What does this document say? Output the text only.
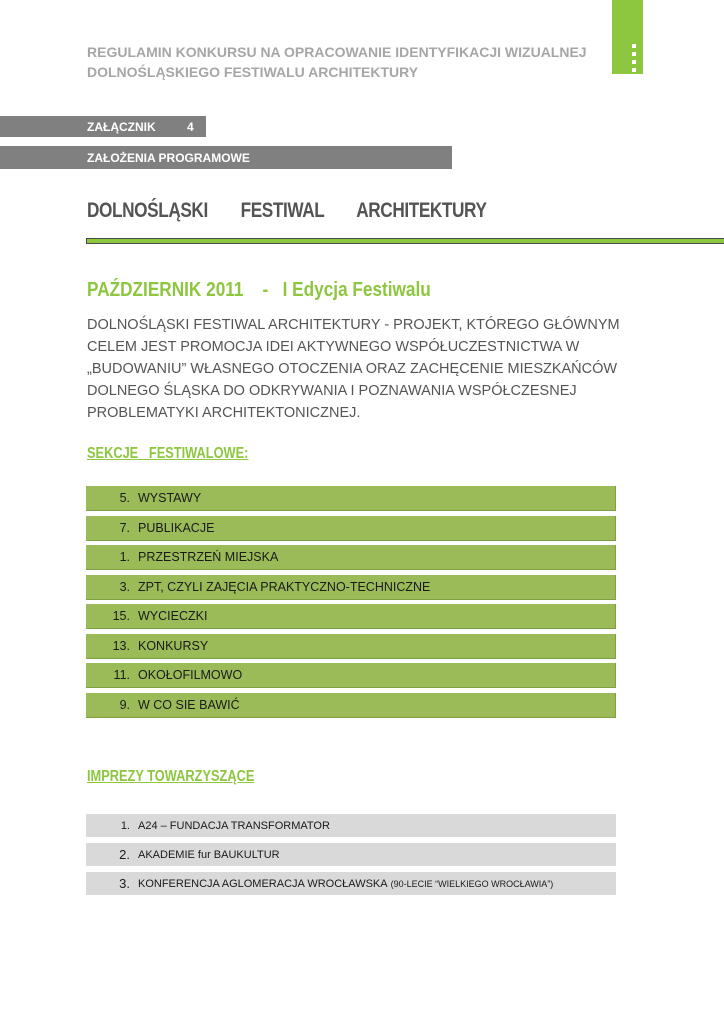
REGULAMIN KONKURSU NA OPRACOWANIE IDENTYFIKACJI WIZUALNEJ
DOLNOŚLĄSKIEGO FESTIWALU ARCHITEKTURY
ZAŁĄCZNIK	4
ZAŁOŻENIA PROGRAMOWE
DOLNOŚLĄSKI   FESTIWAL   ARCHITEKTURY
PAŹDZIERNIK 2011    -   I Edycja Festiwalu
DOLNOŚLĄSKI FESTIWAL ARCHITEKTURY - PROJEKT, KTÓREGO GŁÓWNYM CELEM JEST PROMOCJA IDEI AKTYWNEGO WSPÓŁUCZESTNICTWA W „BUDOWANIU” WŁASNEGO OTOCZENIA ORAZ ZACHĘCENIE MIESZKAŃCÓW DOLNEGO ŚLĄSKA DO ODKRYWANIA I POZNAWANIA WSPÓŁCZESNEJ PROBLEMATYKI ARCHITEKTONICZNEJ.
SEKCJE   FESTIWALOWE:
5. WYSTAWY
7. PUBLIKACJE
1. PRZESTRZEŃ MIEJSKA
3. ZPT, CZYLI ZAJĘCIA PRAKTYCZNO-TECHNICZNE
15. WYCIECZKI
13. KONKURSY
11. OKOŁOFILMOWO
9. W CO SIE BAWIĆ
IMPREZY TOWARZYSZĄCE
1. A24 – FUNDACJA TRANSFORMATOR
2. AKADEMIE fur BAUKULTUR
3. KONFERENCJA AGLOMERACJA WROCŁAWSKA (90-LECIE “WIELKIEGO WROCŁAWIA”)
